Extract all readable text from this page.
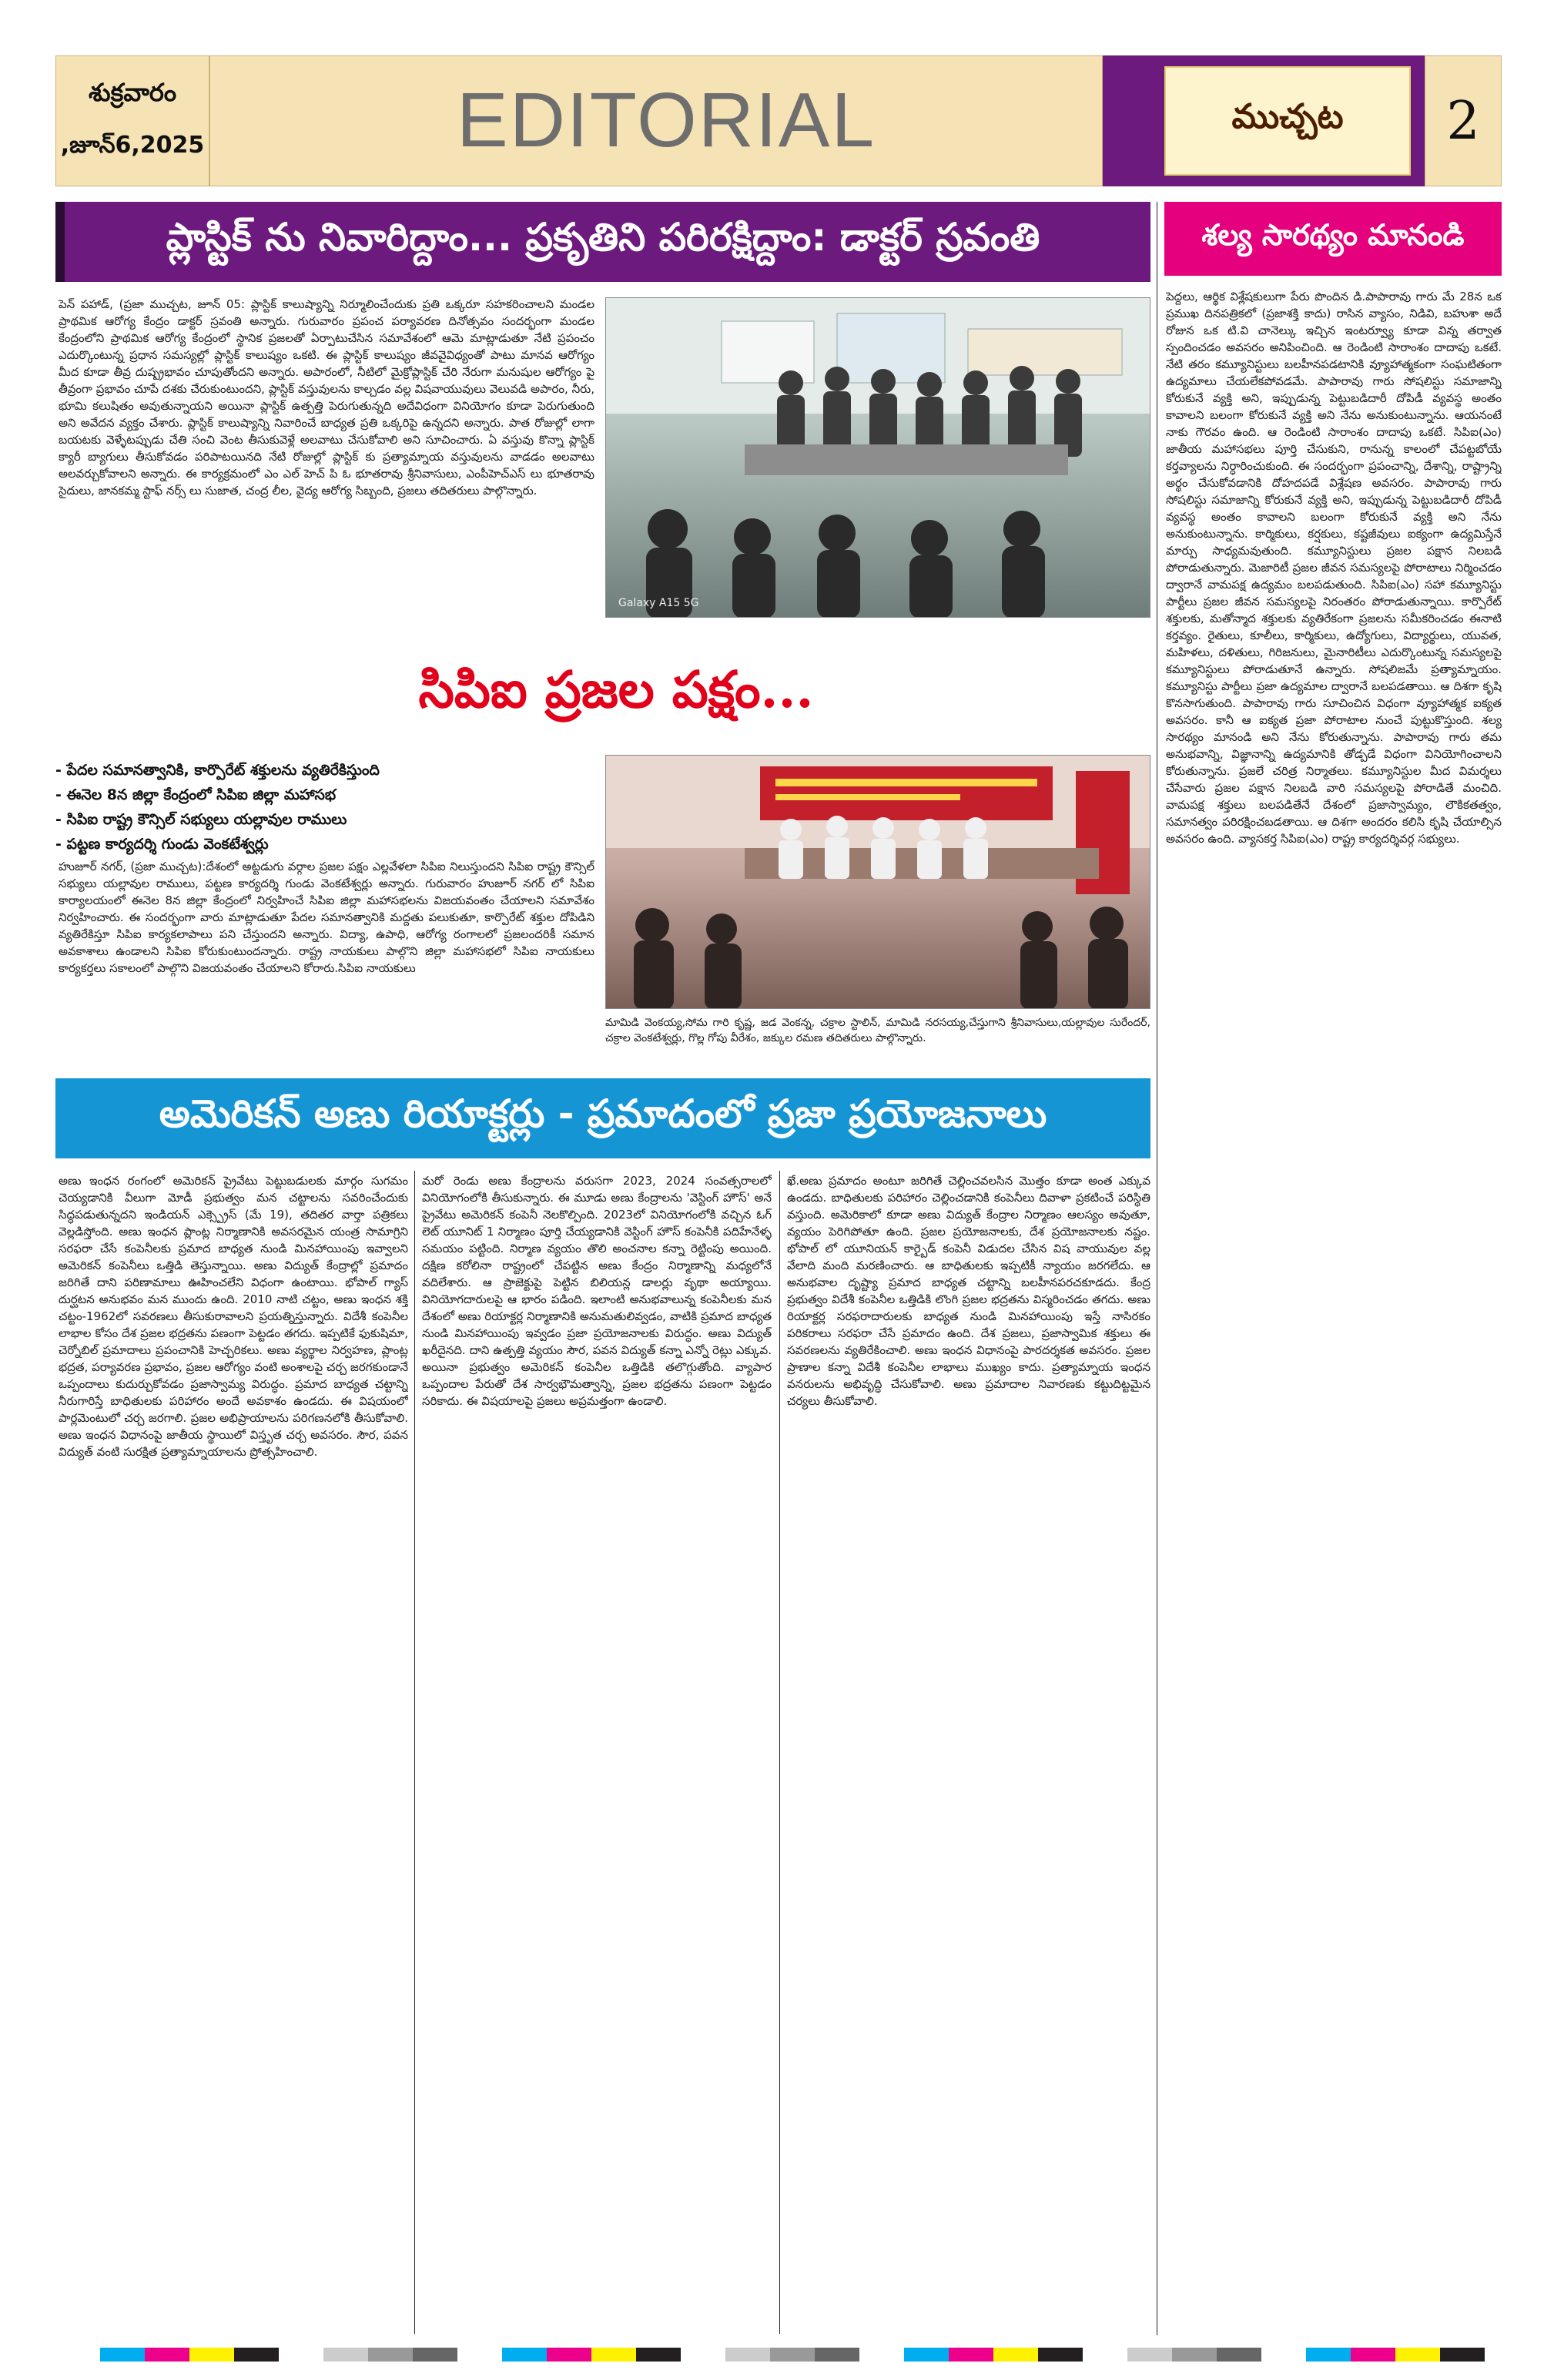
శుక్రవారం
,జూన్6,2025	EDITORIAL	ముచ్చట 2
ప్లాస్టిక్ ను నివారిద్దాం... ప్రకృతిని పరిరక్షిద్దాం: డాక్టర్ స్రవంతి

పెన్ పహాడ్, (ప్రజా ముచ్చట, జూన్ 05: ప్లాస్టిక్ కాలుష్యాన్ని నిర్మూలించేందుకు ప్రతి ఒక్కరూ సహకరించాలని మండల ప్రాథమిక ఆరోగ్య కేంద్రం డాక్టర్ స్రవంతి అన్నారు. గురువారం ప్రపంచ పర్యావరణ దినోత్సవం సందర్భంగా మండల కేంద్రంలోని ప్రాథమిక ఆరోగ్య కేంద్రంలో స్థానిక ప్రజలతో ఏర్పాటుచేసిన సమావేశంలో ఆమె మాట్లాడుతూ నేటి ప్రపంచం ఎదుర్కొంటున్న ప్రధాన సమస్యల్లో ప్లాస్టిక్ కాలుష్యం ఒకటి. ఈ ప్లాస్టిక్ కాలుష్యం జీవవైవిధ్యంతో పాటు మానవ ఆరోగ్యం మీద కూడా తీవ్ర దుష్ప్రభావం చూపుతోందని అన్నారు. అపారంలో, నీటిలో మైక్రోప్లాస్టిక్ చేరి నేరుగా మనుషుల ఆరోగ్యం పై తీవ్రంగా ప్రభావం చూపే దశకు చేరుకుంటుందని, ప్లాస్టిక్ వస్తువులను కాల్చడం వల్ల విషవాయువులు వెలువడి అపారం, నీరు, భూమి కలుషితం అవుతున్నాయని అయినా ప్లాస్టిక్ ఉత్పత్తి పెరుగుతున్నది అదేవిధంగా వినియోగం కూడా పెరుగుతుంది అని అవేదన వ్యక్తం చేశారు. ప్లాస్టిక్ కాలుష్యాన్ని నివారించే బాధ్యత ప్రతి ఒక్కరిపై ఉన్నదని అన్నారు. పాత రోజుల్లో లాగా బయటకు వెళ్ళేటప్పుడు చేతి సంచి వెంట తీసుకువెళ్లే అలవాటు చేసుకోవాలి అని సూచించారు. ఏ వస్తువు కొన్నా ప్లాస్టిక్ క్యారీ బ్యాగులు తీసుకోవడం పరిపాటయినది నేటి రోజుల్లో ప్లాస్టిక్ కు ప్రత్యామ్నాయ వస్తువులను వాడడం అలవాటు అలవర్చుకోవాలని అన్నారు. ఈ కార్యక్రమంలో ఎం ఎల్ హెచ్ పి ఓ భూతరావు శ్రీనివాసులు, ఎంపీహెచ్ఎస్ లు భూతరావు సైదులు, జానకమ్మ స్టాఫ్ నర్స్ లు సుజాత, చంద్ర లీల, వైద్య ఆరోగ్య సిబ్బంది, ప్రజలు తదితరులు పాల్గొన్నారు.

Galaxy A15 5G
శల్య సారథ్యం మానండి

పెద్దలు, ఆర్థిక విశ్లేషకులుగా పేరు పొందిన డి.పాపారావు గారు మే 28న ఒక ప్రముఖ దినపత్రికలో (ప్రజాశక్తి కాదు) రాసిన వ్యాసం, నిడివి, బహుశా అదే రోజున ఒక టి.వి చానెల్కు ఇచ్చిన ఇంటర్వ్యూ కూడా విన్న తర్వాత స్పందించడం అవసరం అనిపించింది. ఆ రెండింటి సారాంశం దాదాపు ఒకటే. నేటి తరం కమ్యూనిస్టులు బలహీనపడటానికి వ్యూహాత్మకంగా సంఘటితంగా ఉద్యమాలు చేయలేకపోవడమే. పాపారావు గారు సోషలిస్టు సమాజాన్ని కోరుకునే వ్యక్తి అని, ఇప్పుడున్న పెట్టుబడిదారీ దోపిడీ వ్యవస్థ అంతం కావాలని బలంగా కోరుకునే వ్యక్తి అని నేను అనుకుంటున్నాను. ఆయనంటే నాకు గౌరవం ఉంది. ఆ రెండింటి సారాంశం దాదాపు ఒకటే. సిపిఐ(ఎం) జాతీయ మహాసభలు పూర్తి చేసుకుని, రానున్న కాలంలో చేపట్టబోయే కర్తవ్యాలను నిర్ధారించుకుంది. ఈ సందర్భంగా ప్రపంచాన్ని, దేశాన్ని, రాష్ట్రాన్ని అర్థం చేసుకోవడానికి దోహదపడే విశ్లేషణ అవసరం. పాపారావు గారు సోషలిస్టు సమాజాన్ని కోరుకునే వ్యక్తి అని, ఇప్పుడున్న పెట్టుబడిదారీ దోపిడీ వ్యవస్థ అంతం కావాలని బలంగా కోరుకునే వ్యక్తి అని నేను అనుకుంటున్నాను. కార్మికులు, కర్షకులు, కష్టజీవులు ఐక్యంగా ఉద్యమిస్తేనే మార్పు సాధ్యమవుతుంది. కమ్యూనిస్టులు ప్రజల పక్షాన నిలబడి పోరాడుతున్నారు. మెజారిటీ ప్రజల జీవన సమస్యలపై పోరాటాలు నిర్మించడం ద్వారానే వామపక్ష ఉద్యమం బలపడుతుంది. సిపిఐ(ఎం) సహా కమ్యూనిస్టు పార్టీలు ప్రజల జీవన సమస్యలపై నిరంతరం పోరాడుతున్నాయి. కార్పొరేట్ శక్తులకు, మతోన్మాద శక్తులకు వ్యతిరేకంగా ప్రజలను సమీకరించడం ఈనాటి కర్తవ్యం. రైతులు, కూలీలు, కార్మికులు, ఉద్యోగులు, విద్యార్థులు, యువత, మహిళలు, దళితులు, గిరిజనులు, మైనారిటీలు ఎదుర్కొంటున్న సమస్యలపై కమ్యూనిస్టులు పోరాడుతూనే ఉన్నారు. సోషలిజమే ప్రత్యామ్నాయం. కమ్యూనిస్టు పార్టీలు ప్రజా ఉద్యమాల ద్వారానే బలపడతాయి. ఆ దిశగా కృషి కొనసాగుతుంది. పాపారావు గారు సూచించిన విధంగా వ్యూహాత్మక ఐక్యత అవసరం. కానీ ఆ ఐక్యత ప్రజా పోరాటాల నుంచే పుట్టుకొస్తుంది. శల్య సారథ్యం మానండి అని నేను కోరుతున్నాను. పాపారావు గారు తమ అనుభవాన్ని, విజ్ఞానాన్ని ఉద్యమానికి తోడ్పడే విధంగా వినియోగించాలని కోరుతున్నాను. ప్రజలే చరిత్ర నిర్మాతలు. కమ్యూనిస్టుల మీద విమర్శలు చేసేవారు ప్రజల పక్షాన నిలబడి వారి సమస్యలపై పోరాడితే మంచిది. వామపక్ష శక్తులు బలపడితేనే దేశంలో ప్రజాస్వామ్యం, లౌకికతత్వం, సమానత్వం పరిరక్షించబడతాయి. ఆ దిశగా అందరం కలిసి కృషి చేయాల్సిన అవసరం ఉంది. వ్యాసకర్త సిపిఐ(ఎం) రాష్ట్ర కార్యదర్శివర్గ సభ్యులు.

సిపిఐ ప్రజల పక్షం...
- పేదల సమానత్వానికి, కార్పొరేట్ శక్తులను వ్యతిరేకిస్తుంది
- ఈనెల 8న జిల్లా కేంద్రంలో సిపిఐ జిల్లా మహాసభ
- సిపిఐ రాష్ట్ర కౌన్సిల్ సభ్యులు యల్లావుల రాములు
- పట్టణ కార్యదర్శి గుండు వెంకటేశ్వర్లు

హుజూర్ నగర్, (ప్రజా ముచ్చట):దేశంలో అట్టడుగు వర్గాల ప్రజల పక్షం ఎల్లవేళలా సిపిఐ నిలుస్తుందని సిపిఐ రాష్ట్ర కౌన్సిల్ సభ్యులు యల్లావుల రాములు, పట్టణ కార్యదర్శి గుండు వెంకటేశ్వర్లు అన్నారు. గురువారం హుజూర్ నగర్ లో సిపిఐ కార్యాలయంలో ఈనెల 8న జిల్లా కేంద్రంలో నిర్వహించే సిపిఐ జిల్లా మహాసభలను విజయవంతం చేయాలని సమావేశం నిర్వహించారు. ఈ సందర్భంగా వారు మాట్లాడుతూ పేదల సమానత్వానికి మద్దతు పలుకుతూ, కార్పొరేట్ శక్తుల దోపిడిని వ్యతిరేకిస్తూ సిపిఐ కార్యకలాపాలు పని చేస్తుందని అన్నారు. విద్యా, ఉపాధి, ఆరోగ్య రంగాలలో ప్రజలందరికీ సమాన అవకాశాలు ఉండాలని సిపిఐ కోరుకుంటుందన్నారు. రాష్ట్ర నాయకులు పాల్గొని జిల్లా మహాసభలో సిపిఐ నాయకులు కార్యకర్తలు సకాలంలో పాల్గొని విజయవంతం చేయాలని కోరారు.సిపిఐ నాయకులు

మామిడి వెంకయ్య,సోమ గారి కృష్ణ, జడ వెంకన్న, చక్రాల స్టాలిన్, మామిడి నరసయ్య,చేస్తుగాని శ్రీనివాసులు,యల్లావుల సురేందర్, చక్రాల వెంకటేశ్వర్లు, గొల్ల గోపు వీరేశం, జక్కుల రమణ తదితరులు పాల్గొన్నారు.

అమెరికన్ అణు రియాక్టర్లు - ప్రమాదంలో ప్రజా ప్రయోజనాలు

అణు ఇంధన రంగంలో అమెరికన్ ప్రైవేటు పెట్టుబడులకు మార్గం సుగమం చెయ్యడానికి వీలుగా మోడీ ప్రభుత్వం మన చట్టాలను సవరించేందుకు సిద్ధపడుతున్నదని ఇండియన్ ఎక్స్ప్రెస్ (మే 19), తదితర వార్తా పత్రికలు వెల్లడిస్తోంది. అణు ఇంధన ప్లాంట్ల నిర్మాణానికి అవసరమైన యంత్ర సామాగ్రిని సరఫరా చేసే కంపెనీలకు ప్రమాద బాధ్యత నుండి మినహాయింపు ఇవ్వాలని అమెరికన్ కంపెనీలు ఒత్తిడి తెస్తున్నాయి. అణు విద్యుత్ కేంద్రాల్లో ప్రమాదం జరిగితే దాని పరిణామాలు ఊహించలేని విధంగా ఉంటాయి. భోపాల్ గ్యాస్ దుర్ఘటన అనుభవం మన ముందు ఉంది. 2010 నాటి చట్టం, అణు ఇంధన శక్తి చట్టం-1962లో సవరణలు తీసుకురావాలని ప్రయత్నిస్తున్నారు. విదేశీ కంపెనీల లాభాల కోసం దేశ ప్రజల భద్రతను పణంగా పెట్టడం తగదు. ఇప్పటికే ఫుకుషిమా, చెర్నోబిల్ ప్రమాదాలు ప్రపంచానికి హెచ్చరికలు. అణు వ్యర్థాల నిర్వహణ, ప్లాంట్ల భద్రత, పర్యావరణ ప్రభావం, ప్రజల ఆరోగ్యం వంటి అంశాలపై చర్చ జరగకుండానే ఒప్పందాలు కుదుర్చుకోవడం ప్రజాస్వామ్య విరుద్ధం. ప్రమాద బాధ్యత చట్టాన్ని నీరుగారిస్తే బాధితులకు పరిహారం అందే అవకాశం ఉండదు. ఈ విషయంలో పార్లమెంటులో చర్చ జరగాలి. ప్రజల అభిప్రాయాలను పరిగణనలోకి తీసుకోవాలి. అణు ఇంధన విధానంపై జాతీయ స్థాయిలో విస్తృత చర్చ అవసరం. సౌర, పవన విద్యుత్ వంటి సురక్షిత ప్రత్యామ్నాయాలను ప్రోత్సహించాలి.

మరో రెండు అణు కేంద్రాలను వరుసగా 2023, 2024 సంవత్సరాలలో వినియోగంలోకి తీసుకున్నారు. ఈ మూడు అణు కేంద్రాలను 'వెస్టింగ్ హౌస్' అనే ప్రైవేటు అమెరికన్ కంపెనీ నెలకొల్పింది. 2023లో వినియోగంలోకి వచ్చిన ఓగ్ లెట్ యూనిట్ 1 నిర్మాణం పూర్తి చేయ్యడానికి వెస్టింగ్ హౌస్ కంపెనీకి పదిహేనేళ్ళ సమయం పట్టింది. నిర్మాణ వ్యయం తొలి అంచనాల కన్నా రెట్టింపు అయింది. దక్షిణ కరోలినా రాష్ట్రంలో చేపట్టిన అణు కేంద్రం నిర్మాణాన్ని మధ్యలోనే వదిలేశారు. ఆ ప్రాజెక్టుపై పెట్టిన బిలియన్ల డాలర్లు వృథా అయ్యాయి. వినియోగదారులపై ఆ భారం పడింది. ఇలాంటి అనుభవాలున్న కంపెనీలకు మన దేశంలో అణు రియాక్టర్ల నిర్మాణానికి అనుమతులివ్వడం, వాటికి ప్రమాద బాధ్యత నుండి మినహాయింపు ఇవ్వడం ప్రజా ప్రయోజనాలకు విరుద్ధం. అణు విద్యుత్ ఖరీదైనది. దాని ఉత్పత్తి వ్యయం సౌర, పవన విద్యుత్ కన్నా ఎన్నో రెట్లు ఎక్కువ. అయినా ప్రభుత్వం అమెరికన్ కంపెనీల ఒత్తిడికి తలొగ్గుతోంది. వ్యాపార ఒప్పందాల పేరుతో దేశ సార్వభౌమత్వాన్ని, ప్రజల భద్రతను పణంగా పెట్టడం సరికాదు. ఈ విషయాలపై ప్రజలు అప్రమత్తంగా ఉండాలి.

ఖే.అణు ప్రమాదం అంటూ జరిగితే చెల్లించవలసిన మొత్తం కూడా అంత ఎక్కువ ఉండదు. బాధితులకు పరిహారం చెల్లించడానికి కంపెనీలు దివాళా ప్రకటించే పరిస్థితి వస్తుంది. అమెరికాలో కూడా అణు విద్యుత్ కేంద్రాల నిర్మాణం ఆలస్యం అవుతూ, వ్యయం పెరిగిపోతూ ఉంది. ప్రజల ప్రయోజనాలకు, దేశ ప్రయోజనాలకు నష్టం. భోపాల్ లో యూనియన్ కార్బైడ్ కంపెనీ విడుదల చేసిన విష వాయువుల వల్ల వేలాది మంది మరణించారు. ఆ బాధితులకు ఇప్పటికీ న్యాయం జరగలేదు. ఆ అనుభవాల దృష్ట్యా ప్రమాద బాధ్యత చట్టాన్ని బలహీనపరచకూడదు. కేంద్ర ప్రభుత్వం విదేశీ కంపెనీల ఒత్తిడికి లొంగి ప్రజల భద్రతను విస్మరించడం తగదు. అణు రియాక్టర్ల సరఫరాదారులకు బాధ్యత నుండి మినహాయింపు ఇస్తే నాసిరకం పరికరాలు సరఫరా చేసే ప్రమాదం ఉంది. దేశ ప్రజలు, ప్రజాస్వామిక శక్తులు ఈ సవరణలను వ్యతిరేకించాలి. అణు ఇంధన విధానంపై పారదర్శకత అవసరం. ప్రజల ప్రాణాల కన్నా విదేశీ కంపెనీల లాభాలు ముఖ్యం కాదు. ప్రత్యామ్నాయ ఇంధన వనరులను అభివృద్ధి చేసుకోవాలి. అణు ప్రమాదాల నివారణకు కట్టుదిట్టమైన చర్యలు తీసుకోవాలి.
